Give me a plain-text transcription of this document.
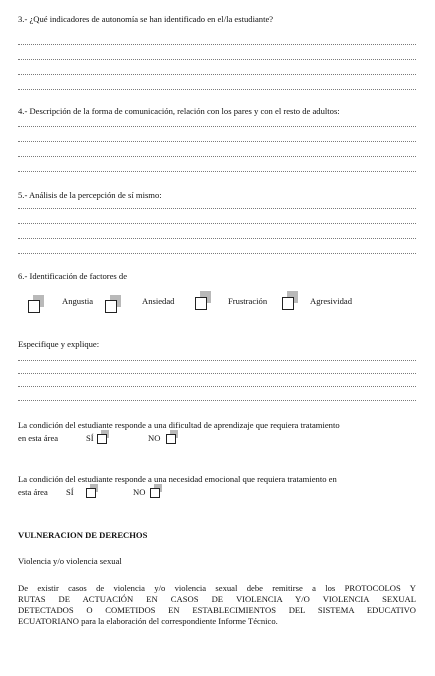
3.- ¿Qué indicadores de autonomía se han identificado en el/la estudiante?
4.- Descripción de la forma de comunicación, relación con los pares y con el resto de adultos:
5.- Análisis de la percepción de sí mismo:
6.- Identificación de factores de
Angustia	Ansiedad	Frustración	Agresividad
Especifique y explique:
La condición del estudiante responde a una dificultad de aprendizaje que requiera tratamiento
en esta área	SÍ	NO
La condición del estudiante responde a una necesidad emocional que requiera tratamiento en
esta área SÍ	NO
VULNERACION DE DERECHOS
Violencia y/o violencia sexual
De existir casos de violencia y/o violencia sexual debe remitirse a los PROTOCOLOS Y
RUTAS DE ACTUACIÓN EN CASOS DE VIOLENCIA Y/O VIOLENCIA SEXUAL
DETECTADOS O COMETIDOS EN ESTABLECIMIENTOS DEL SISTEMA EDUCATIVO
ECUATORIANO para la elaboración del correspondiente Informe Técnico.
